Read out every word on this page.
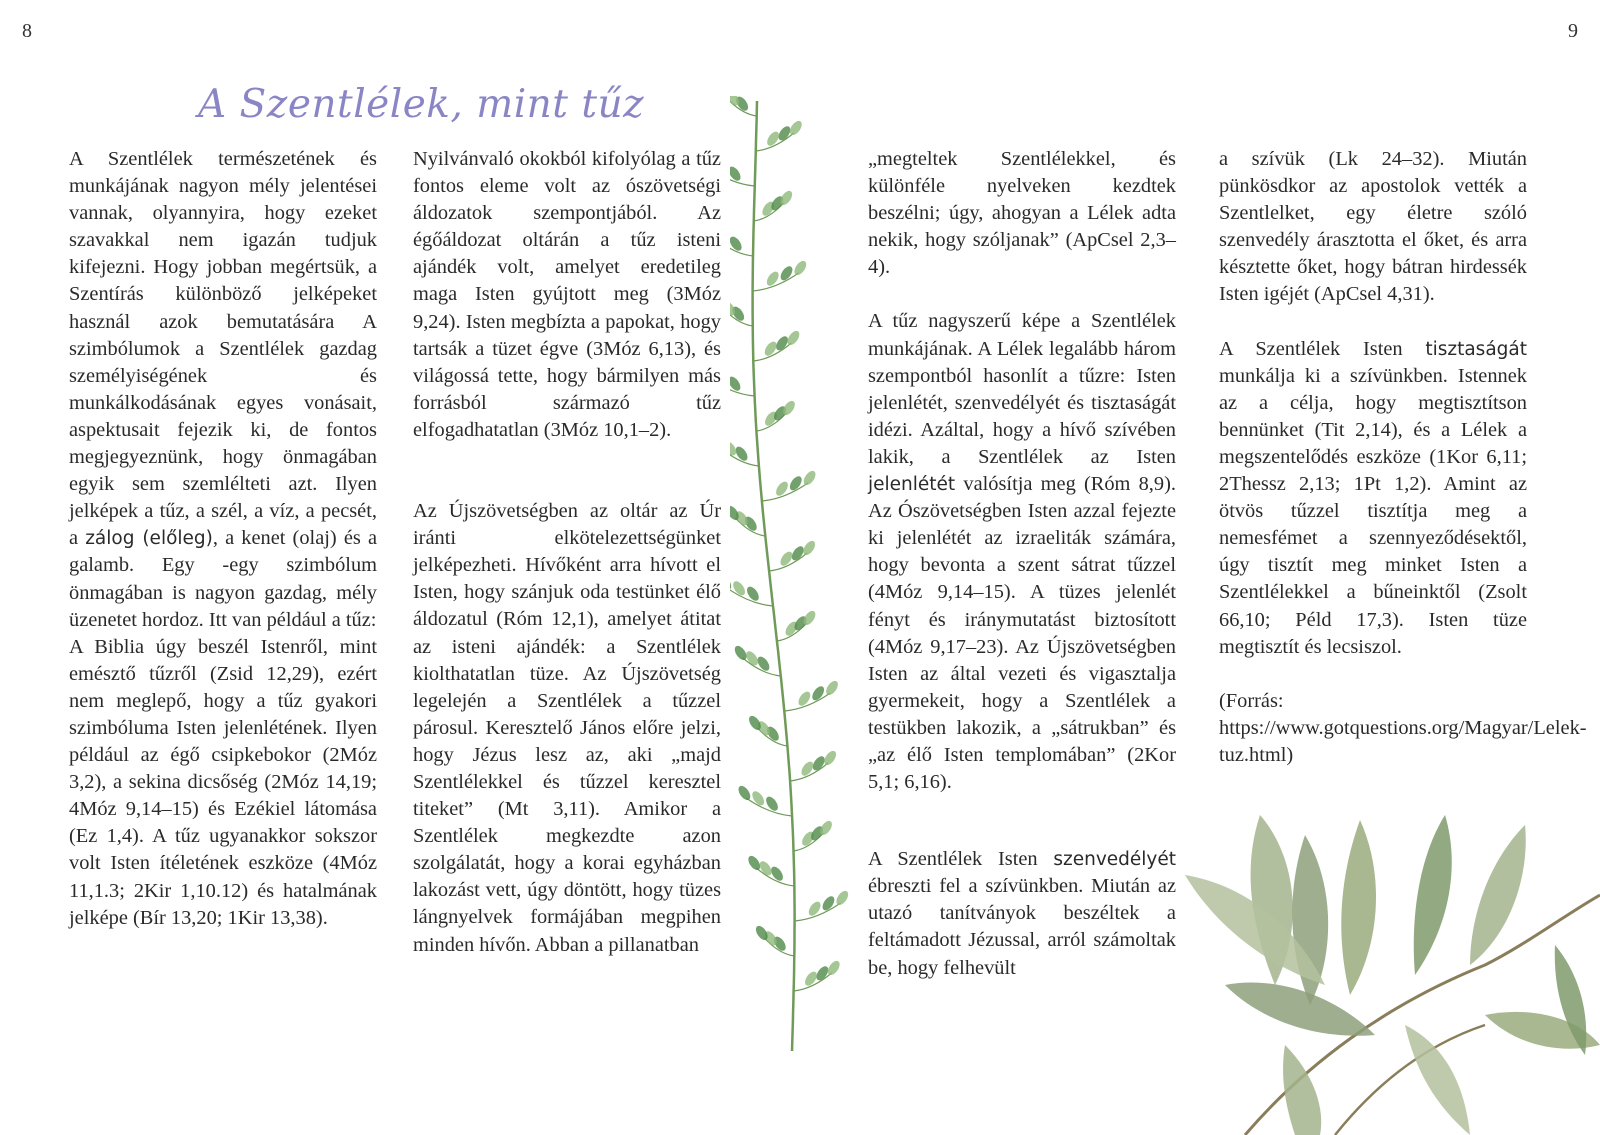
8	9
A Szentlélek, mint tűz

A Szentlélek természetének és munkájának nagyon mély jelentései vannak, olyannyira, hogy ezeket szavakkal nem igazán tudjuk kifejezni. Hogy jobban megértsük, a Szentírás különböző jelképeket használ azok bemutatására A szimbólumok a Szentlélek gazdag személyiségének és munkálkodásának egyes vonásait, aspektusait fejezik ki, de fontos megjegyeznünk, hogy önmagában egyik sem szemlélteti azt. Ilyen jelképek a tűz, a szél, a víz, a pecsét, a zálog (előleg), a kenet (olaj) és a galamb. Egy -egy szimbólum önmagában is nagyon gazdag, mély üzenetet hordoz. Itt van például a tűz:

A Biblia úgy beszél Istenről, mint emésztő tűzről (Zsid 12,29), ezért nem meglepő, hogy a tűz gyakori szimbóluma Isten jelenlétének. Ilyen például az égő csipkebokor (2Móz 3,2), a sekina dicsőség (2Móz 14,19; 4Móz 9,14–15) és Ezékiel látomása (Ez 1,4). A tűz ugyanakkor sokszor volt Isten ítéletének eszköze (4Móz 11,1.3; 2Kir 1,10.12) és hatalmának jelképe (Bír 13,20; 1Kir 13,38).

Nyilvánvaló okokból kifolyólag a tűz fontos eleme volt az ószövetségi áldozatok szempontjából. Az égőáldozat oltárán a tűz isteni ajándék volt, amelyet eredetileg maga Isten gyújtott meg (3Móz 9,24). Isten megbízta a papokat, hogy tartsák a tüzet égve (3Móz 6,13), és világossá tette, hogy bármilyen más forrásból származó tűz elfogadhatatlan (3Móz 10,1–2).

Az Újszövetségben az oltár az Úr iránti elkötelezettségünket jelképezheti. Hívőként arra hívott el Isten, hogy szánjuk oda testünket élő áldozatul (Róm 12,1), amelyet átitat az isteni ajándék: a Szentlélek kiolthatatlan tüze. Az Újszövetség legelején a Szentlélek a tűzzel párosul. Keresztelő János előre jelzi, hogy Jézus lesz az, aki „majd Szentlélekkel és tűzzel keresztel titeket” (Mt 3,11). Amikor a Szentlélek megkezdte azon szolgálatát, hogy a korai egyházban lakozást vett, úgy döntött, hogy tüzes lángnyelvek formájában megpihen minden hívőn. Abban a pillanatban

„megteltek Szentlélekkel, és különféle nyelveken kezdtek beszélni; úgy, ahogyan a Lélek adta nekik, hogy szóljanak” (ApCsel 2,3–4).

A tűz nagyszerű képe a Szentlélek munkájának. A Lélek legalább három szempontból hasonlít a tűzre: Isten jelenlétét, szenvedélyét és tisztaságát idézi. Azáltal, hogy a hívő szívében lakik, a Szentlélek az Isten jelenlétét valósítja meg (Róm 8,9). Az Ószövetségben Isten azzal fejezte ki jelenlétét az izraeliták számára, hogy bevonta a szent sátrat tűzzel (4Móz 9,14–15). A tüzes jelenlét fényt és iránymutatást biztosított (4Móz 9,17–23). Az Újszövetségben Isten az által vezeti és vigasztalja gyermekeit, hogy a Szentlélek a testükben lakozik, a „sátrukban” és „az élő Isten templomában” (2Kor 5,1; 6,16).

A Szentlélek Isten szenvedélyét ébreszti fel a szívünkben. Miután az utazó tanítványok beszéltek a feltámadott Jézussal, arról számoltak be, hogy felhevült

a szívük (Lk 24–32). Miután pünkösdkor az apostolok vették a Szentlelket, egy életre szóló szenvedély árasztotta el őket, és arra késztette őket, hogy bátran hirdessék Isten igéjét (ApCsel 4,31).

A Szentlélek Isten tisztaságát munkálja ki a szívünkben. Istennek az a célja, hogy megtisztítson bennünket (Tit 2,14), és a Lélek a megszentelődés eszköze (1Kor 6,11; 2Thessz 2,13; 1Pt 1,2). Amint az ötvös tűzzel tisztítja meg a nemesfémet a szennyeződésektől, úgy tisztít meg minket Isten a Szentlélekkel a bűneinktől (Zsolt 66,10; Péld 17,3). Isten tüze megtisztít és lecsiszol.

(Forrás: https://www.gotquestions.org/Magyar/Lelek-tuz.html)
